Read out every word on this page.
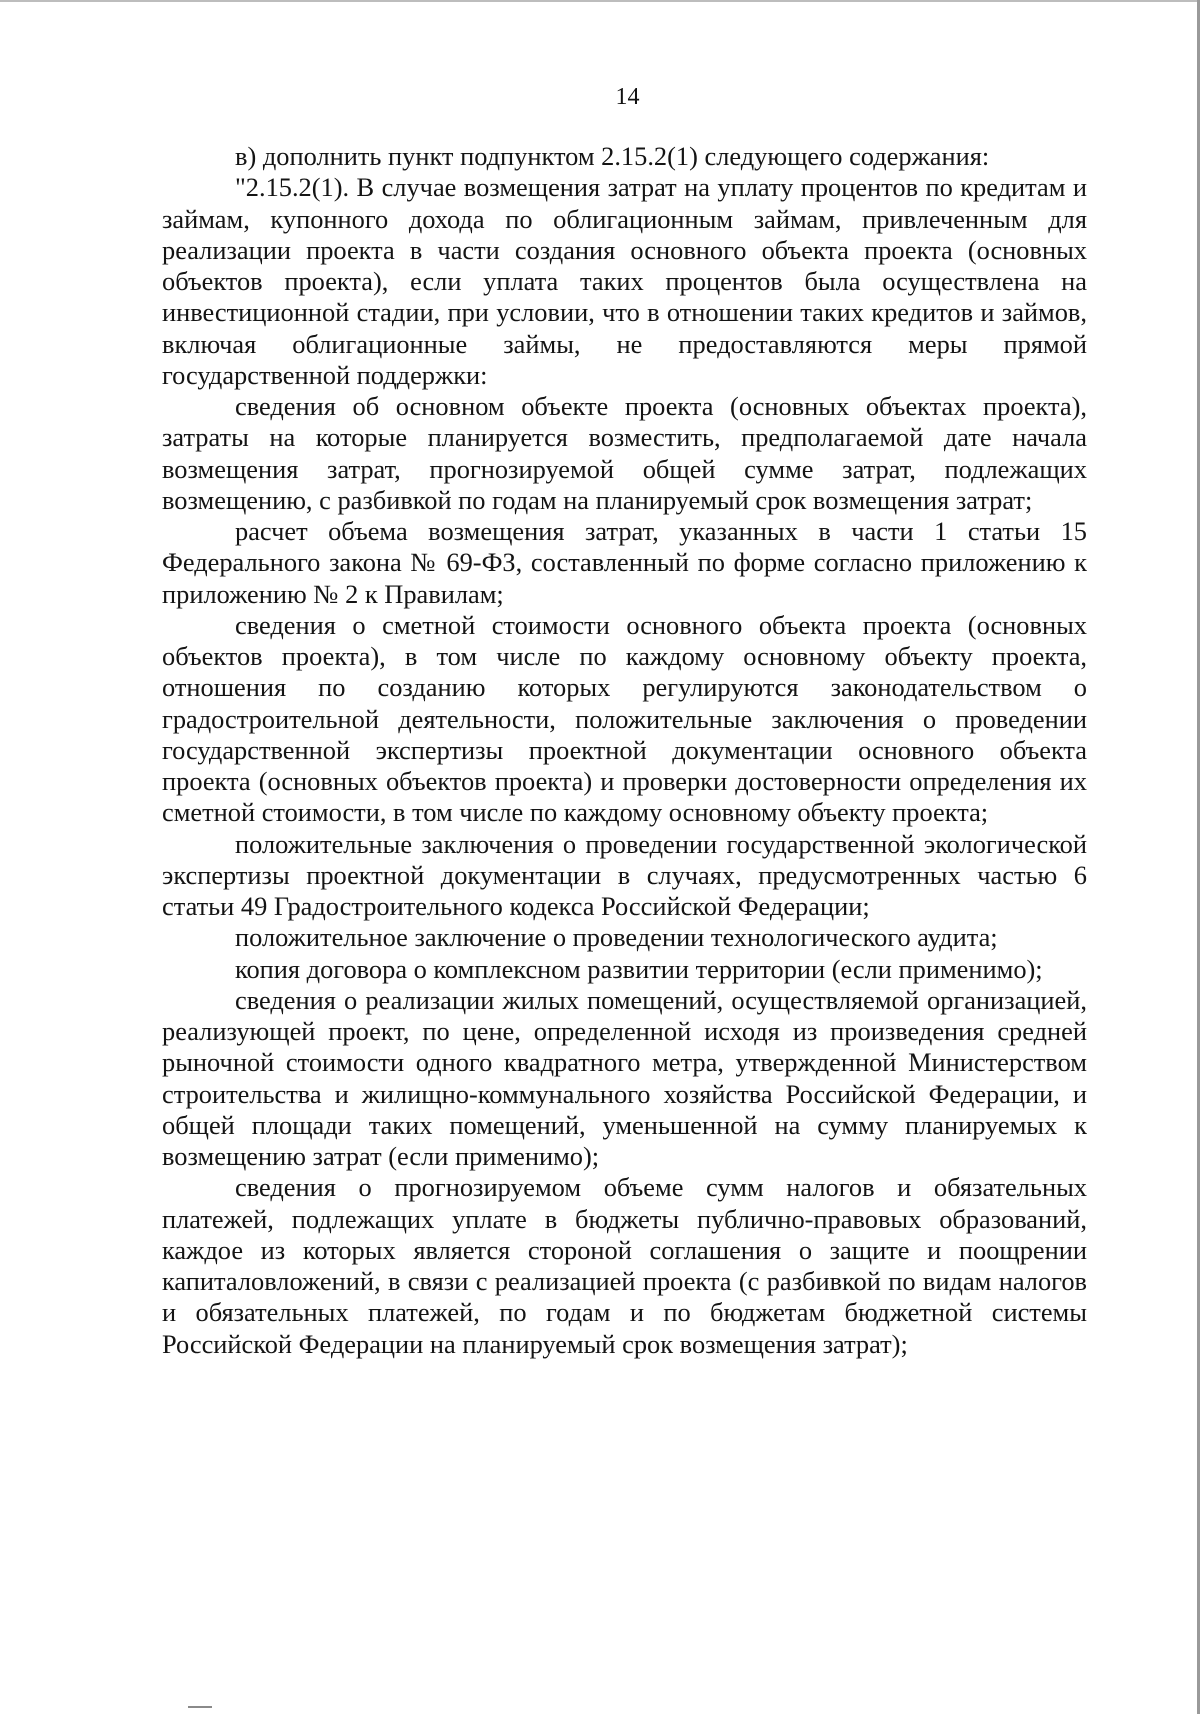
14

в) дополнить пункт подпунктом 2.15.2(1) следующего содержания:

"2.15.2(1). В случае возмещения затрат на уплату процентов по кредитам и займам, купонного дохода по облигационным займам, привлеченным для реализации проекта в части создания основного объекта проекта (основных объектов проекта), если уплата таких процентов была осуществлена на инвестиционной стадии, при условии, что в отношении таких кредитов и займов, включая облигационные займы, не предоставляются меры прямой государственной поддержки:

сведения об основном объекте проекта (основных объектах проекта), затраты на которые планируется возместить, предполагаемой дате начала возмещения затрат, прогнозируемой общей сумме затрат, подлежащих возмещению, с разбивкой по годам на планируемый срок возмещения затрат;

расчет объема возмещения затрат, указанных в части 1 статьи 15 Федерального закона № 69-ФЗ, составленный по форме согласно приложению к приложению № 2 к Правилам;

сведения о сметной стоимости основного объекта проекта (основных объектов проекта), в том числе по каждому основному объекту проекта, отношения по созданию которых регулируются законодательством о градостроительной деятельности, положительные заключения о проведении государственной экспертизы проектной документации основного объекта проекта (основных объектов проекта) и проверки достоверности определения их сметной стоимости, в том числе по каждому основному объекту проекта;

положительные заключения о проведении государственной экологической экспертизы проектной документации в случаях, предусмотренных частью 6 статьи 49 Градостроительного кодекса Российской Федерации;

положительное заключение о проведении технологического аудита;

копия договора о комплексном развитии территории (если применимо);

сведения о реализации жилых помещений, осуществляемой организацией, реализующей проект, по цене, определенной исходя из произведения средней рыночной стоимости одного квадратного метра, утвержденной Министерством строительства и жилищно-коммунального хозяйства Российской Федерации, и общей площади таких помещений, уменьшенной на сумму планируемых к возмещению затрат (если применимо);

сведения о прогнозируемом объеме сумм налогов и обязательных платежей, подлежащих уплате в бюджеты публично-правовых образований, каждое из которых является стороной соглашения о защите и поощрении капиталовложений, в связи с реализацией проекта (с разбивкой по видам налогов и обязательных платежей, по годам и по бюджетам бюджетной системы Российской Федерации на планируемый срок возмещения затрат);
